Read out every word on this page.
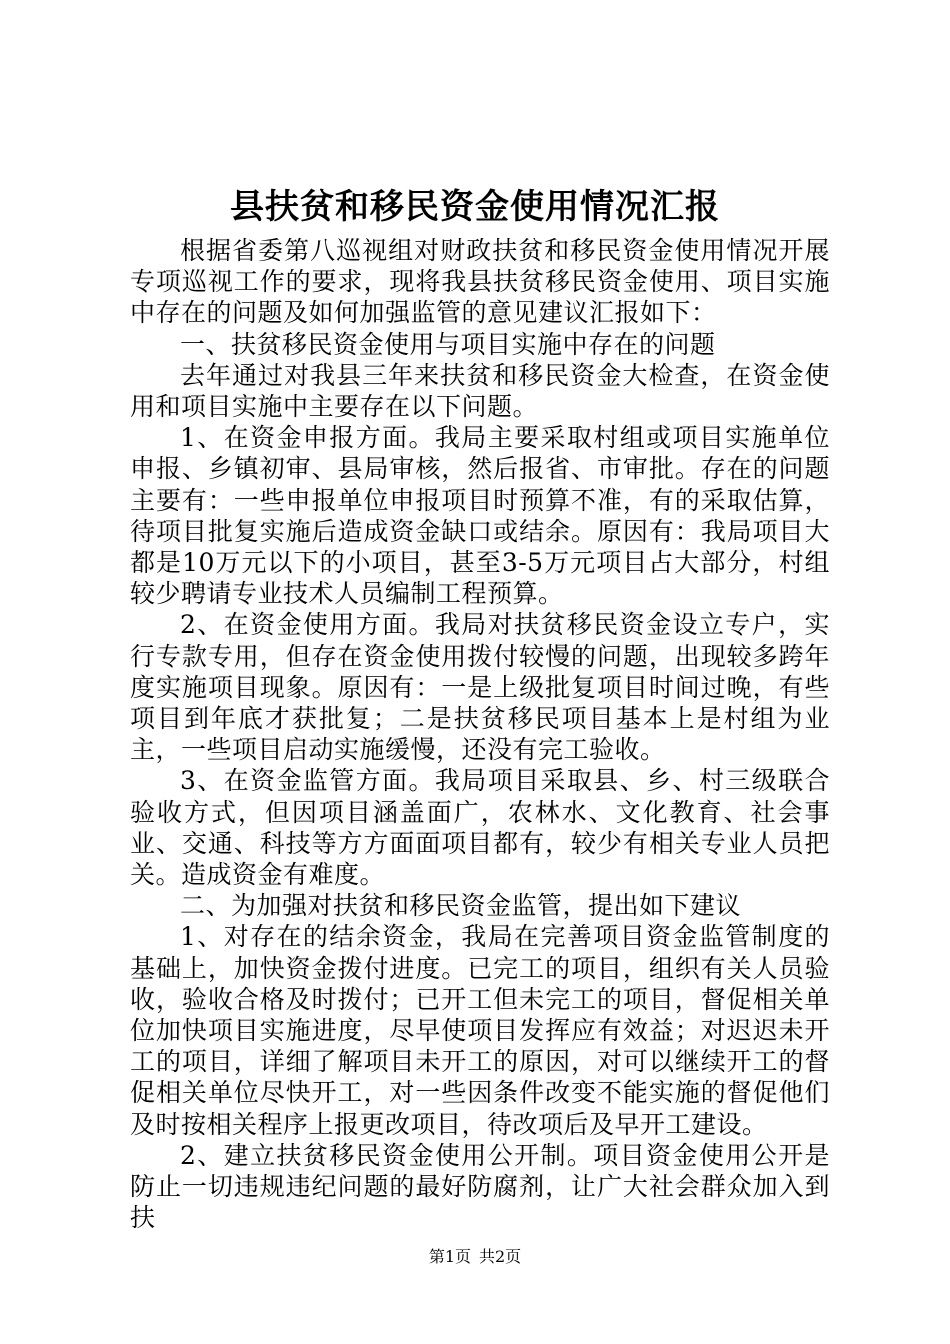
县扶贫和移民资金使用情况汇报

根据省委第八巡视组对财政扶贫和移民资金使用情况开展专项巡视工作的要求，现将我县扶贫移民资金使用、项目实施中存在的问题及如何加强监管的意见建议汇报如下：

一、扶贫移民资金使用与项目实施中存在的问题

去年通过对我县三年来扶贫和移民资金大检查，在资金使用和项目实施中主要存在以下问题。

1、在资金申报方面。我局主要采取村组或项目实施单位申报、乡镇初审、县局审核，然后报省、市审批。存在的问题主要有：一些申报单位申报项目时预算不准，有的采取估算，待项目批复实施后造成资金缺口或结余。原因有：我局项目大都是10万元以下的小项目，甚至3-5万元项目占大部分，村组较少聘请专业技术人员编制工程预算。

2、在资金使用方面。我局对扶贫移民资金设立专户，实行专款专用，但存在资金使用拨付较慢的问题，出现较多跨年度实施项目现象。原因有：一是上级批复项目时间过晚，有些项目到年底才获批复；二是扶贫移民项目基本上是村组为业主，一些项目启动实施缓慢，还没有完工验收。

3、在资金监管方面。我局项目采取县、乡、村三级联合验收方式，但因项目涵盖面广，农林水、文化教育、社会事业、交通、科技等方方面面项目都有，较少有相关专业人员把关。造成资金有难度。

二、为加强对扶贫和移民资金监管，提出如下建议

1、对存在的结余资金，我局在完善项目资金监管制度的基础上，加快资金拨付进度。已完工的项目，组织有关人员验收，验收合格及时拨付；已开工但未完工的项目，督促相关单位加快项目实施进度，尽早使项目发挥应有效益；对迟迟未开工的项目，详细了解项目未开工的原因，对可以继续开工的督促相关单位尽快开工，对一些因条件改变不能实施的督促他们及时按相关程序上报更改项目，待改项后及早开工建设。

2、建立扶贫移民资金使用公开制。项目资金使用公开是防止一切违规违纪问题的最好防腐剂，让广大社会群众加入到扶

第1页 共2页
